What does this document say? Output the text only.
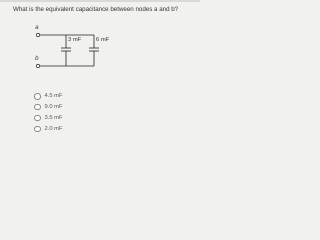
What is the equivalent capacitance between nodes a and b?
a
b
3 mF	6 mF
4.5 mF
9.0 mF
3.5 mF
2.0 mF
